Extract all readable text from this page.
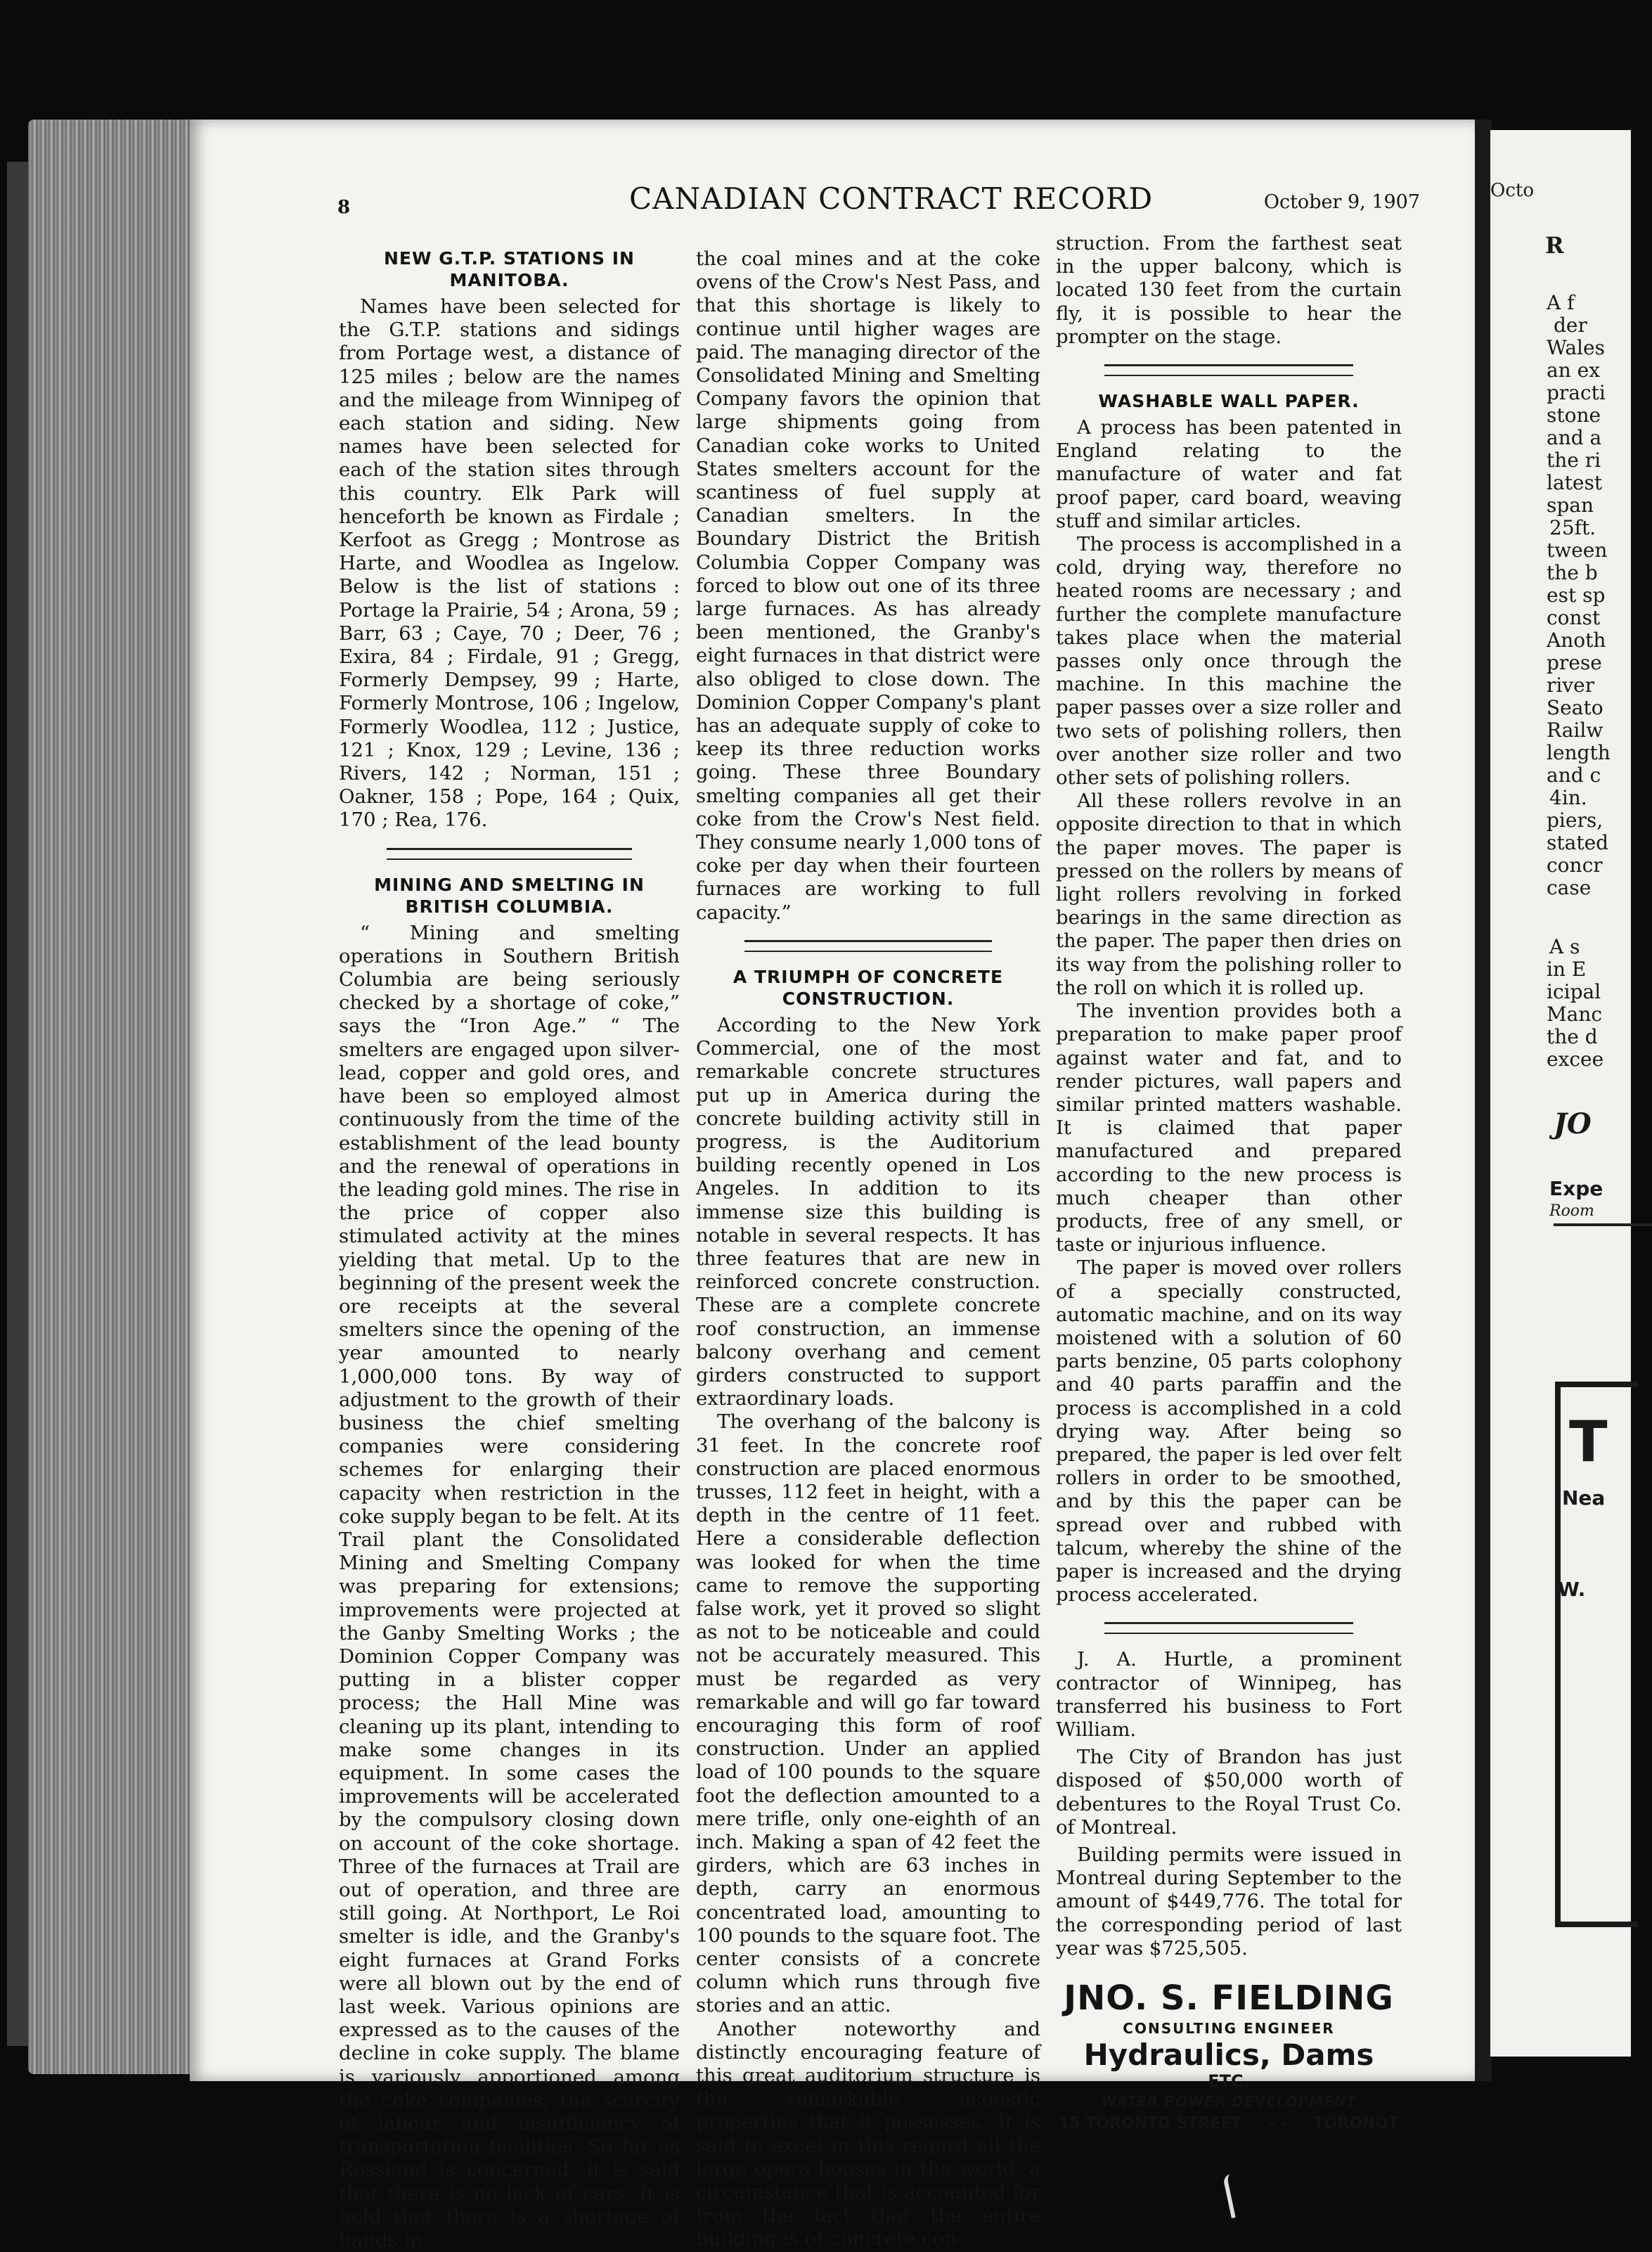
Octo
R
A f
der
Wales
an ex
practi
stone
and a
the ri
latest
span
25ft.
tween
the b
est sp
const
Anoth
prese
river
Seato
Railw
length
and c
4in.
piers,
stated
concr
case
A s
in E
icipal
Manc
the d
excee
JO
Expe
Room
T
Nea
W.
8	CANADIAN CONTRACT RECORD	October 9, 1907
NEW G.T.P. STATIONS IN MANITOBA.

Names have been selected for the G.T.P. stations and sidings from Portage west, a distance of 125 miles ; below are the names and the mileage from Winnipeg of each station and siding. New names have been selected for each of the station sites through this country. Elk Park will henceforth be known as Firdale ; Kerfoot as Gregg ; Montrose as Harte, and Woodlea as Ingelow. Below is the list of stations : Portage la Prairie, 54 ; Arona, 59 ; Barr, 63 ; Caye, 70 ; Deer, 76 ; Exira, 84 ; Firdale, 91 ; Gregg, Formerly Dempsey, 99 ; Harte, Formerly Montrose, 106 ; Ingelow, Formerly Woodlea, 112 ; Justice, 121 ; Knox, 129 ; Levine, 136 ; Rivers, 142 ; Norman, 151 ; Oakner, 158 ; Pope, 164 ; Quix, 170 ; Rea, 176.

MINING AND SMELTING IN BRITISH COLUMBIA.

“ Mining and smelting operations in Southern British Columbia are being seriously checked by a shortage of coke,” says the “Iron Age.” “ The smelters are engaged upon silver-lead, copper and gold ores, and have been so employed almost continuously from the time of the establishment of the lead bounty and the renewal of operations in the leading gold mines. The rise in the price of copper also stimulated activity at the mines yielding that metal. Up to the beginning of the present week the ore receipts at the several smelters since the opening of the year amounted to nearly 1,000,000 tons. By way of adjustment to the growth of their business the chief smelting companies were considering schemes for enlarging their capacity when restriction in the coke supply began to be felt. At its Trail plant the Consolidated Mining and Smelting Company was preparing for extensions; improvements were projected at the Ganby Smelting Works ; the Dominion Copper Company was putting in a blister copper process; the Hall Mine was cleaning up its plant, intending to make some changes in its equipment. In some cases the improvements will be accelerated by the compulsory closing down on account of the coke shortage. Three of the furnaces at Trail are out of operation, and three are still going. At Northport, Le Roi smelter is idle, and the Granby's eight furnaces at Grand Forks were all blown out by the end of last week. Various opinions are expressed as to the causes of the decline in coke supply. The blame is variously apportioned among the coke companies, the scarcity of labour and insufficiency of transportation facilities. So far as Rossland is concerned, it is said that there is no lack of cars. It is held that there is a shortage of hands in

the coal mines and at the coke ovens of the Crow's Nest Pass, and that this shortage is likely to continue until higher wages are paid. The managing director of the Consolidated Mining and Smelting Company favors the opinion that large shipments going from Canadian coke works to United States smelters account for the scantiness of fuel supply at Canadian smelters. In the Boundary District the British Columbia Copper Company was forced to blow out one of its three large furnaces. As has already been mentioned, the Granby's eight furnaces in that district were also obliged to close down. The Dominion Copper Company's plant has an adequate supply of coke to keep its three reduction works going. These three Boundary smelting companies all get their coke from the Crow's Nest field. They consume nearly 1,000 tons of coke per day when their fourteen furnaces are working to full capacity.”

A TRIUMPH OF CONCRETE CONSTRUCTION.

According to the New York Commercial, one of the most remarkable concrete structures put up in America during the concrete building activity still in progress, is the Auditorium building recently opened in Los Angeles. In addition to its immense size this building is notable in several respects. It has three features that are new in reinforced concrete construction. These are a complete concrete roof construction, an immense balcony overhang and cement girders constructed to support extraordinary loads.

The overhang of the balcony is 31 feet. In the concrete roof construction are placed enormous trusses, 112 feet in height, with a depth in the centre of 11 feet. Here a considerable deflection was looked for when the time came to remove the supporting false work, yet it proved so slight as not to be noticeable and could not be accurately measured. This must be regarded as very remarkable and will go far toward encouraging this form of roof construction. Under an applied load of 100 pounds to the square foot the deflection amounted to a mere trifle, only one-eighth of an inch. Making a span of 42 feet the girders, which are 63 inches in depth, carry an enormous concentrated load, amounting to 100 pounds to the square foot. The center consists of a concrete column which runs through five stories and an attic.

Another noteworthy and distinctly encouraging feature of this great auditorium structure is the remarkable acoustic properties that it possesses. It is said to excel in this regard all the large opera houses in the world, a circumstance that is accounted for from the fact that the entire building is of concrete con-

struction. From the farthest seat in the upper balcony, which is located 130 feet from the curtain fly, it is possible to hear the prompter on the stage.

WASHABLE WALL PAPER.

A process has been patented in England relating to the manufacture of water and fat proof paper, card board, weaving stuff and similar articles.

The process is accomplished in a cold, drying way, therefore no heated rooms are necessary ; and further the complete manufacture takes place when the material passes only once through the machine. In this machine the paper passes over a size roller and two sets of polishing rollers, then over another size roller and two other sets of polishing rollers.

All these rollers revolve in an opposite direction to that in which the paper moves. The paper is pressed on the rollers by means of light rollers revolving in forked bearings in the same direction as the paper. The paper then dries on its way from the polishing roller to the roll on which it is rolled up.

The invention provides both a preparation to make paper proof against water and fat, and to render pictures, wall papers and similar printed matters washable. It is claimed that paper manufactured and prepared according to the new process is much cheaper than other products, free of any smell, or taste or injurious influence.

The paper is moved over rollers of a specially constructed, automatic machine, and on its way moistened with a solution of 60 parts benzine, 05 parts colophony and 40 parts paraffin and the process is accomplished in a cold drying way. After being so prepared, the paper is led over felt rollers in order to be smoothed, and by this the paper can be spread over and rubbed with talcum, whereby the shine of the paper is increased and the drying process accelerated.

J. A. Hurtle, a prominent contractor of Winnipeg, has transferred his business to Fort William.

The City of Brandon has just disposed of $50,000 worth of debentures to the Royal Trust Co. of Montreal.

Building permits were issued in Montreal during September to the amount of $449,776. The total for the corresponding period of last year was $725,505.

JNO. S. FIELDING
CONSULTING ENGINEER
Hydraulics, Dams
ETC.
WATER POWER DEVELOPMENT
15 TORONTO STREET - - TORONOT
